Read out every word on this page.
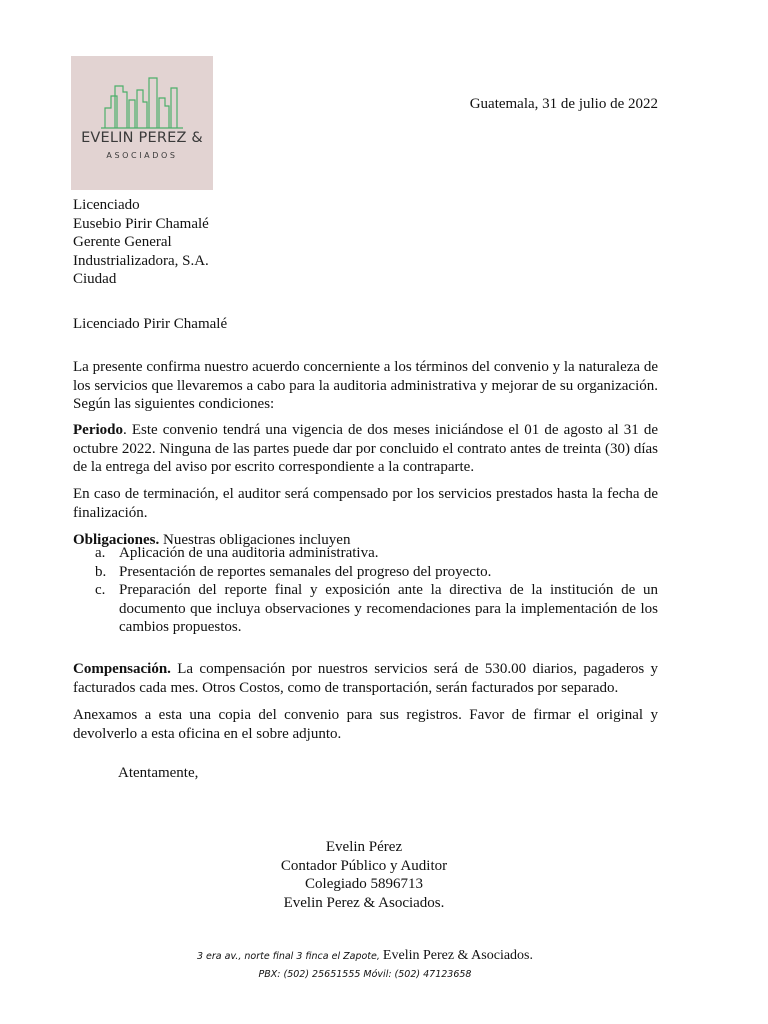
EVELIN PEREZ &
ASOCIADOS
Guatemala, 31 de julio de 2022
Licenciado
Eusebio Pirir Chamalé
Gerente General
Industrializadora, S.A.
Ciudad
Licenciado Pirir Chamalé

La presente confirma nuestro acuerdo concerniente a los términos del convenio y la naturaleza de los servicios que llevaremos a cabo para la auditoria administrativa y mejorar de su organización. Según las siguientes condiciones:

Periodo. Este convenio tendrá una vigencia de dos meses iniciándose el 01 de agosto al 31 de octubre 2022. Ninguna de las partes puede dar por concluido el contrato antes de treinta (30) días de la entrega del aviso por escrito correspondiente a la contraparte.

En caso de terminación, el auditor será compensado por los servicios prestados hasta la fecha de finalización.

Obligaciones. Nuestras obligaciones incluyen

a. Aplicación de una auditoria administrativa.
b. Presentación de reportes semanales del progreso del proyecto.
c. Preparación del reporte final y exposición ante la directiva de la institución de un documento que incluya observaciones y recomendaciones para la implementación de los cambios propuestos.

Compensación. La compensación por nuestros servicios será de 530.00 diarios, pagaderos y facturados cada mes. Otros Costos, como de transportación, serán facturados por separado.

Anexamos a esta una copia del convenio para sus registros. Favor de firmar el original y devolverlo a esta oficina en el sobre adjunto.

Atentamente,
Evelin Pérez
Contador Público y Auditor
Colegiado 5896713
Evelin Perez & Asociados.
3 era av., norte final 3 finca el Zapote, Evelin Perez & Asociados.
PBX: (502) 25651555 Móvil: (502) 47123658
